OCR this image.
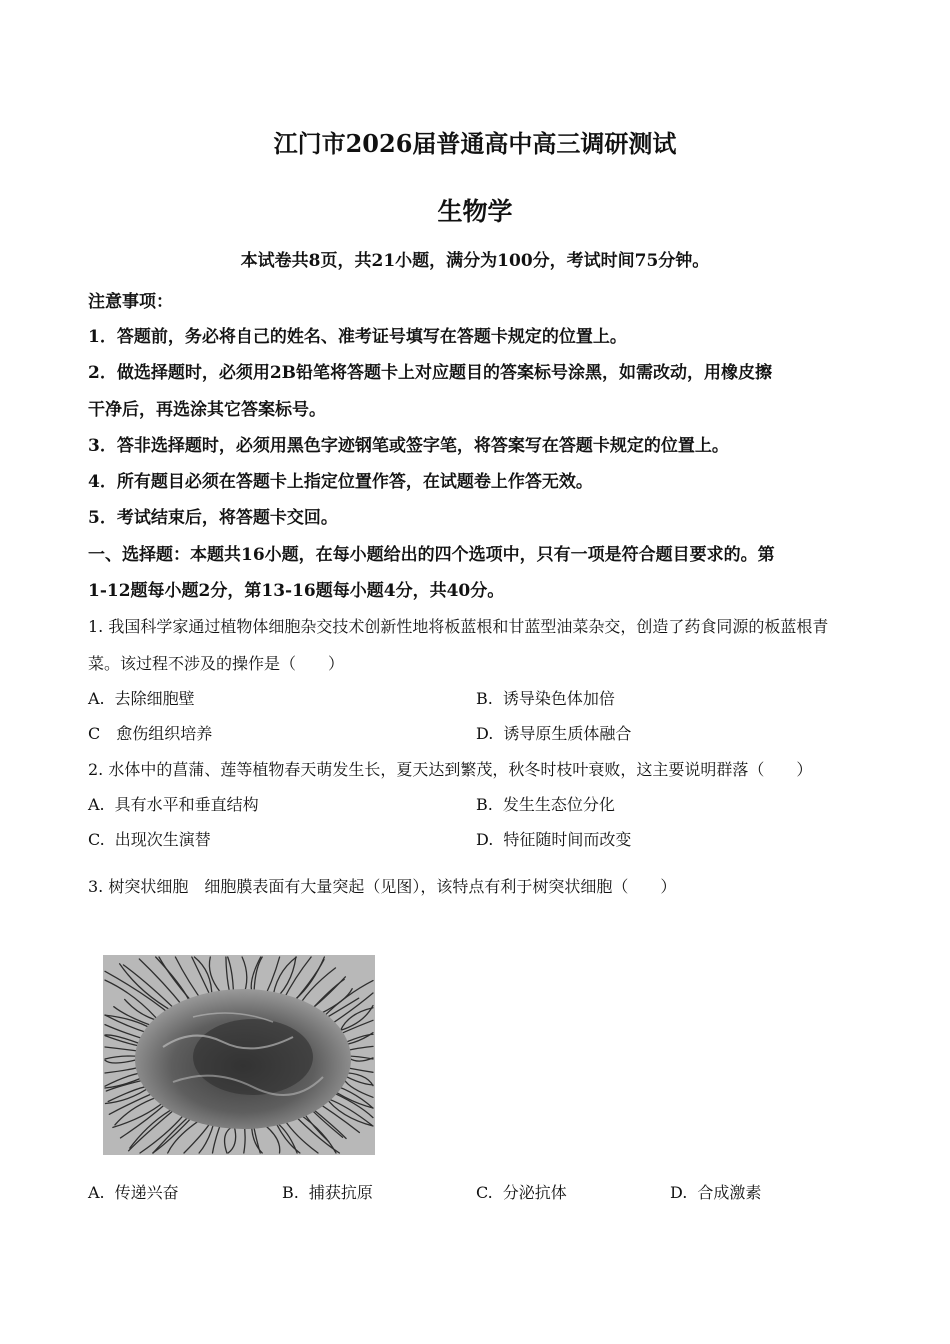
江门市2026届普通高中高三调研测试
生物学
本试卷共8页，共21小题，满分为100分，考试时间75分钟。
注意事项：
1．答题前，务必将自己的姓名、准考证号填写在答题卡规定的位置上。
2．做选择题时，必须用2B铅笔将答题卡上对应题目的答案标号涂黑，如需改动，用橡皮擦
干净后，再选涂其它答案标号。
3．答非选择题时，必须用黑色字迹钢笔或签字笔，将答案写在答题卡规定的位置上。
4．所有题目必须在答题卡上指定位置作答，在试题卷上作答无效。
5．考试结束后，将答题卡交回。
一、选择题：本题共16小题，在每小题给出的四个选项中，只有一项是符合题目要求的。第
1-12题每小题2分，第13-16题每小题4分，共40分。
1. 我国科学家通过植物体细胞杂交技术创新性地将板蓝根和甘蓝型油菜杂交，创造了药食同源的板蓝根青
菜。该过程不涉及的操作是（　　）
A. 去除细胞壁	B. 诱导染色体加倍
C 愈伤组织培养	D. 诱导原生质体融合
2. 水体中的菖蒲、莲等植物春天萌发生长，夏天达到繁茂，秋冬时枝叶衰败，这主要说明群落（　　）
A. 具有水平和垂直结构	B. 发生生态位分化
C. 出现次生演替	D. 特征随时间而改变
3. 树突状细胞　细胞膜表面有大量突起（见图），该特点有利于树突状细胞（　　）
A. 传递兴奋	B. 捕获抗原	C. 分泌抗体	D. 合成激素
